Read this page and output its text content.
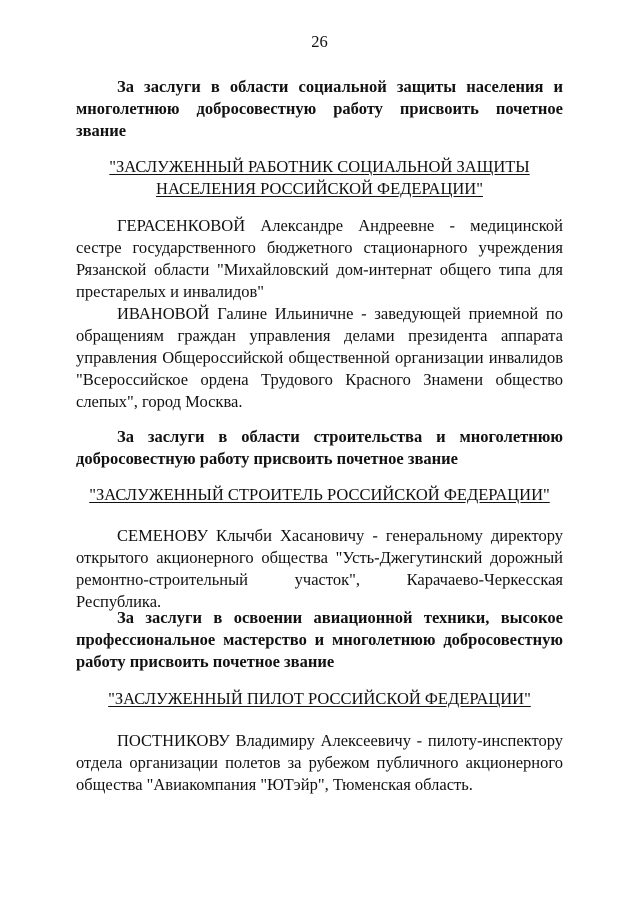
26

За заслуги в области социальной защиты населения и многолетнюю добросовестную работу присвоить почетное звание

"ЗАСЛУЖЕННЫЙ РАБОТНИК СОЦИАЛЬНОЙ ЗАЩИТЫ
НАСЕЛЕНИЯ РОССИЙСКОЙ ФЕДЕРАЦИИ"

ГЕРАСЕНКОВОЙ Александре Андреевне - медицинской сестре государственного бюджетного стационарного учреждения Рязанской области "Михайловский дом-интернат общего типа для престарелых и инвалидов"

ИВАНОВОЙ Галине Ильиничне - заведующей приемной по обращениям граждан управления делами президента аппарата управления Общероссийской общественной организации инвалидов "Всероссийское ордена Трудового Красного Знамени общество слепых", город Москва.

За заслуги в области строительства и многолетнюю добросовестную работу присвоить почетное звание

"ЗАСЛУЖЕННЫЙ СТРОИТЕЛЬ РОССИЙСКОЙ ФЕДЕРАЦИИ"

СЕМЕНОВУ Клычби Хасановичу - генеральному директору открытого акционерного общества "Усть-Джегутинский дорожный ремонтно-строительный участок", Карачаево-Черкесская Республика.

За заслуги в освоении авиационной техники, высокое профессиональное мастерство и многолетнюю добросовестную работу присвоить почетное звание

"ЗАСЛУЖЕННЫЙ ПИЛОТ РОССИЙСКОЙ ФЕДЕРАЦИИ"

ПОСТНИКОВУ Владимиру Алексеевичу - пилоту-инспектору отдела организации полетов за рубежом публичного акционерного общества "Авиакомпания "ЮТэйр", Тюменская область.
